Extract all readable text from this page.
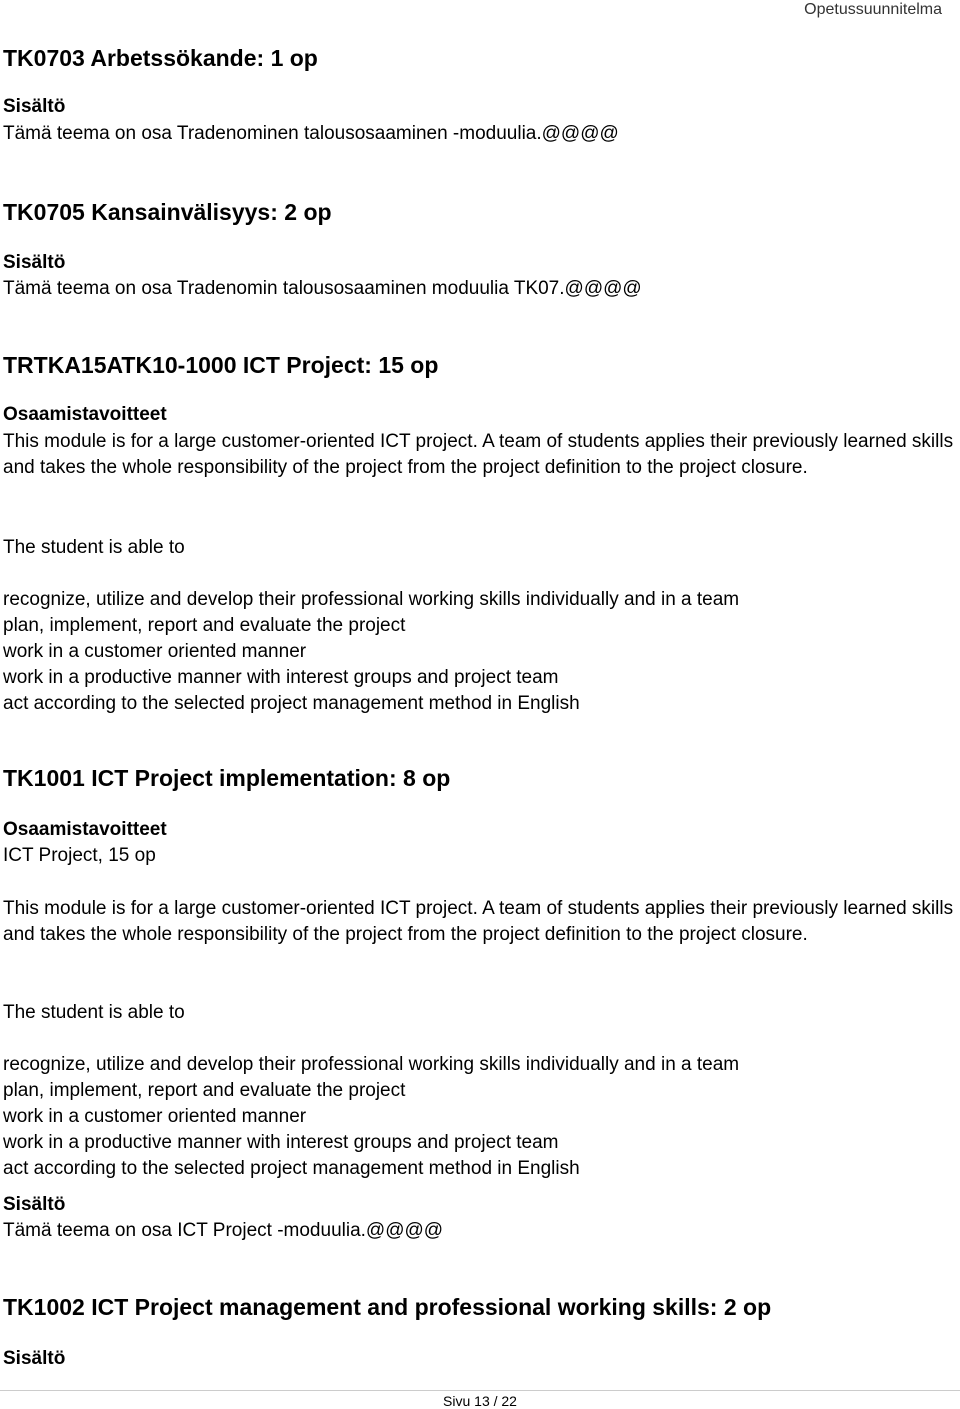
Opetussuunnitelma
TK0703 Arbetssökande: 1 op
Sisältö
Tämä teema on osa Tradenominen talousosaaminen -moduulia.@@@@
TK0705 Kansainvälisyys: 2 op
Sisältö
Tämä teema on osa Tradenomin talousosaaminen moduulia TK07.@@@@
TRTKA15ATK10-1000 ICT Project: 15 op
Osaamistavoitteet
This module is for a large customer-oriented ICT project. A team of students applies their previously learned skills and takes the whole responsibility of the project from the project definition to the project closure.
The student is able to
recognize, utilize and develop their professional working skills individually and in a team
plan, implement, report and evaluate the project
work in a customer oriented manner
work in a productive manner with interest groups and project team
act according to the selected project management method in English
TK1001 ICT Project implementation: 8 op
Osaamistavoitteet
ICT Project, 15 op
This module is for a large customer-oriented ICT project. A team of students applies their previously learned skills and takes the whole responsibility of the project from the project definition to the project closure.
The student is able to
recognize, utilize and develop their professional working skills individually and in a team
plan, implement, report and evaluate the project
work in a customer oriented manner
work in a productive manner with interest groups and project team
act according to the selected project management method in English
Sisältö
Tämä teema on osa ICT Project -moduulia.@@@@
TK1002 ICT Project management and professional working skills: 2 op
Sisältö
Sivu 13 / 22
